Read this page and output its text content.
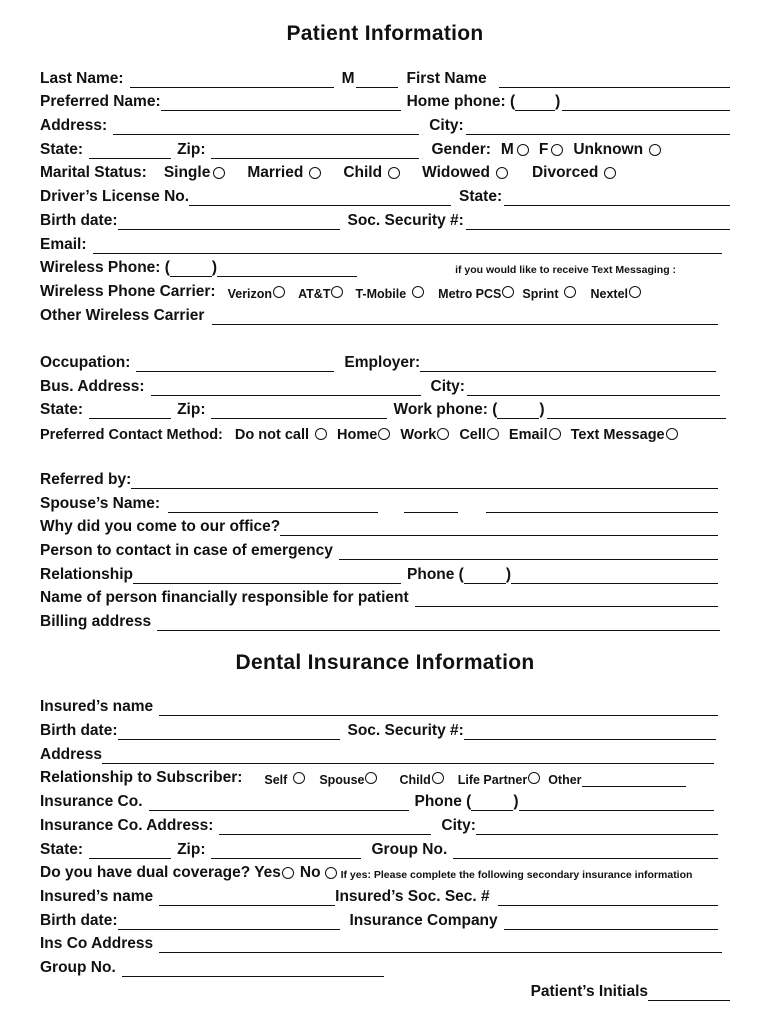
Patient Information
Last Name:	M	First Name
Preferred Name:	Home phone: (	)
Address:	City:
State:	Zip:	Gender: M F Unknown
Marital Status: Single Married	Child	Widowed	Divorced
Driver’s License No.	State:
Birth date:	Soc. Security #:
Email:
Wireless Phone: (	)	if you would like to receive Text Messaging :
Wireless Phone Carrier: Verizon AT&T T-Mobile	Metro PCS Sprint	Nextel
Other Wireless Carrier
Occupation:	Employer:
Bus. Address:	City:
State:	Zip:	Work phone: (	)
Preferred Contact Method: Do not call Home Work Cell Email Text Message
Referred by:
Spouse’s Name:
Why did you come to our office?
Person to contact in case of emergency
Relationship	Phone (	)
Name of person financially responsible for patient
Billing address
Dental Insurance Information
Insured’s name
Birth date:	Soc. Security #:
Address
Relationship to Subscriber: Self	Spouse	Child Life Partner Other
Insurance Co.	Phone (	)
Insurance Co. Address:	City:
State:	Zip:	Group No.
Do you have dual coverage? Yes No If yes: Please complete the following secondary insurance information
Insured’s name	Insured’s Soc. Sec. #
Birth date:	Insurance Company
Ins Co Address
Group No.
Patient’s Initials
